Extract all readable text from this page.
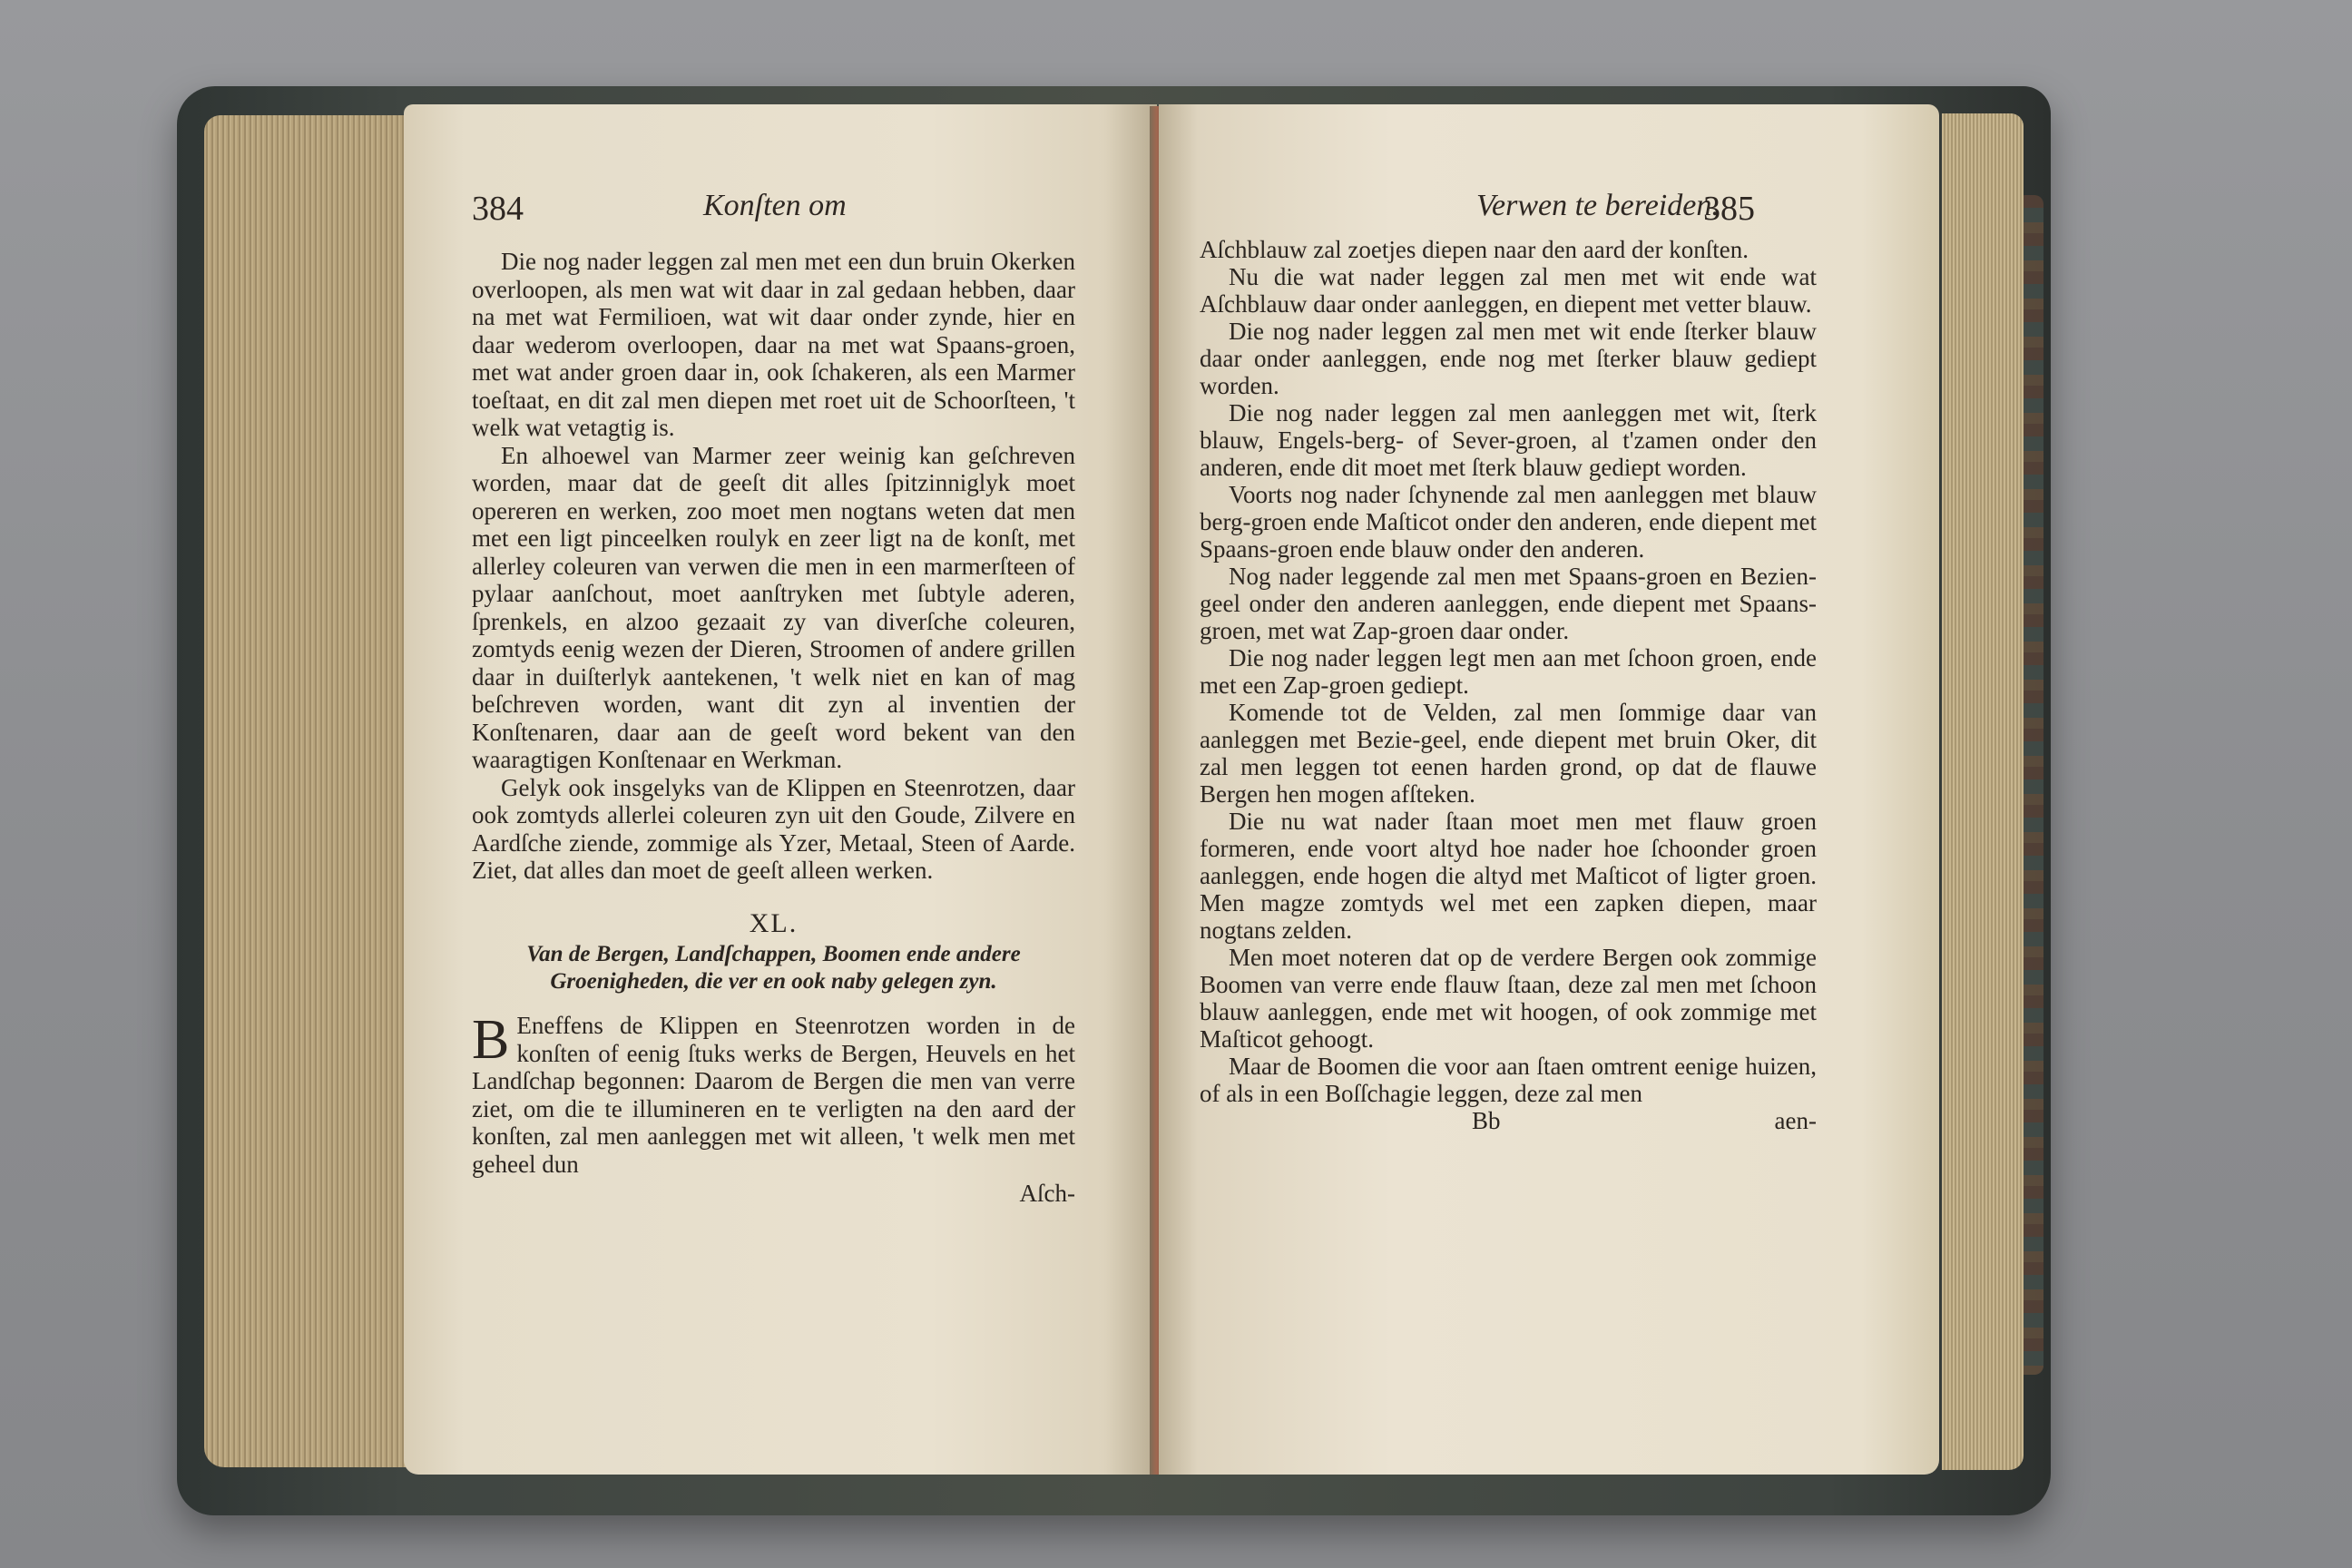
384	Konſten om

Die nog nader leggen zal men met een dun bruin Okerken overloopen, als men wat wit daar in zal gedaan hebben, daar na met wat Fermilioen, wat wit daar onder zynde, hier en daar wederom overloopen, daar na met wat Spaans-groen, met wat ander groen daar in, ook ſchakeren, als een Marmer toeſtaat, en dit zal men diepen met roet uit de Schoorſteen, 't welk wat vetagtig is.

En alhoewel van Marmer zeer weinig kan geſchreven worden, maar dat de geeſt dit alles ſpitzinniglyk moet opereren en werken, zoo moet men nogtans weten dat men met een ligt pinceelken roulyk en zeer ligt na de konſt, met allerley coleuren van verwen die men in een marmerſteen of pylaar aanſchout, moet aanſtryken met ſubtyle aderen, ſprenkels, en alzoo gezaait zy van diverſche coleuren, zomtyds eenig wezen der Dieren, Stroomen of andere grillen daar in duiſterlyk aantekenen, 't welk niet en kan of mag beſchreven worden, want dit zyn al inventien der Konſtenaren, daar aan de geeſt word bekent van den waaragtigen Konſtenaar en Werkman.

Gelyk ook insgelyks van de Klippen en Steenrotzen, daar ook zomtyds allerlei coleuren zyn uit den Goude, Zilvere en Aardſche ziende, zommige als Yzer, Metaal, Steen of Aarde. Ziet, dat alles dan moet de geeſt alleen werken.

XL.
Van de Bergen, Landſchappen, Boomen ende andere Groenigheden, die ver en ook naby gelegen zyn.

B Eneffens de Klippen en Steenrotzen worden in de konſten of eenig ſtuks werks de Bergen, Heuvels en het Landſchap begonnen: Daarom de Bergen die men van verre ziet, om die te illumineren en te verligten na den aard der konſten, zal men aanleggen met wit alleen, 't welk men met geheel dun

Aſch-
Verwen te bereiden.
385

Aſchblauw zal zoetjes diepen naar den aard der konſten.

Nu die wat nader leggen zal men met wit ende wat Aſchblauw daar onder aanleggen, en diepent met vetter blauw.

Die nog nader leggen zal men met wit ende ſterker blauw daar onder aanleggen, ende nog met ſterker blauw gediept worden.

Die nog nader leggen zal men aanleggen met wit, ſterk blauw, Engels-berg- of Sever-groen, al t'zamen onder den anderen, ende dit moet met ſterk blauw gediept worden.

Voorts nog nader ſchynende zal men aanleggen met blauw berg-groen ende Maſticot onder den anderen, ende diepent met Spaans-groen ende blauw onder den anderen.

Nog nader leggende zal men met Spaans-groen en Bezien-geel onder den anderen aanleggen, ende diepent met Spaans-groen, met wat Zap-groen daar onder.

Die nog nader leggen legt men aan met ſchoon groen, ende met een Zap-groen gediept.

Komende tot de Velden, zal men ſommige daar van aanleggen met Bezie-geel, ende diepent met bruin Oker, dit zal men leggen tot eenen harden grond, op dat de flauwe Bergen hen mogen afſteken.

Die nu wat nader ſtaan moet men met flauw groen formeren, ende voort altyd hoe nader hoe ſchoonder groen aanleggen, ende hogen die altyd met Maſticot of ligter groen. Men magze zomtyds wel met een zapken diepen, maar nogtans zelden.

Men moet noteren dat op de verdere Bergen ook zommige Boomen van verre ende flauw ſtaan, deze zal men met ſchoon blauw aanleggen, ende met wit hoogen, of ook zommige met Maſticot gehoogt.

Maar de Boomen die voor aan ſtaen omtrent eenige huizen, of als in een Boſſchagie leggen, deze zal men

Bb	aen-
